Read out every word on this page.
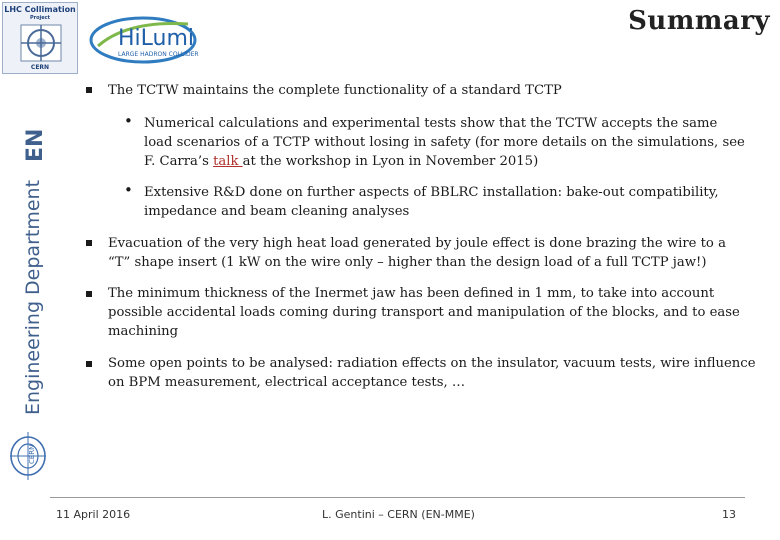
LHC Collimation
Project
CERN
HiLumi
LARGE HADRON COLLIDER
Summary
EN
Engineering Department
CERN
The TCTW maintains the complete functionality of a standard TCTP
• Numerical calculations and experimental tests show that the TCTW accepts the same
load scenarios of a TCTP without losing in safety (for more details on the simulations, see
F. Carra’s talk at the workshop in Lyon in November 2015)
• Extensive R&D done on further aspects of BBLRC installation: bake-out compatibility,
impedance and beam cleaning analyses
Evacuation of the very high heat load generated by joule effect is done brazing the wire to a
“T” shape insert (1 kW on the wire only – higher than the design load of a full TCTP jaw!)
The minimum thickness of the Inermet jaw has been defined in 1 mm, to take into account
possible accidental loads coming during transport and manipulation of the blocks, and to ease
machining
Some open points to be analysed: radiation effects on the insulator, vacuum tests, wire influence
on BPM measurement, electrical acceptance tests, …
11 April 2016	L. Gentini – CERN (EN-MME)	13
